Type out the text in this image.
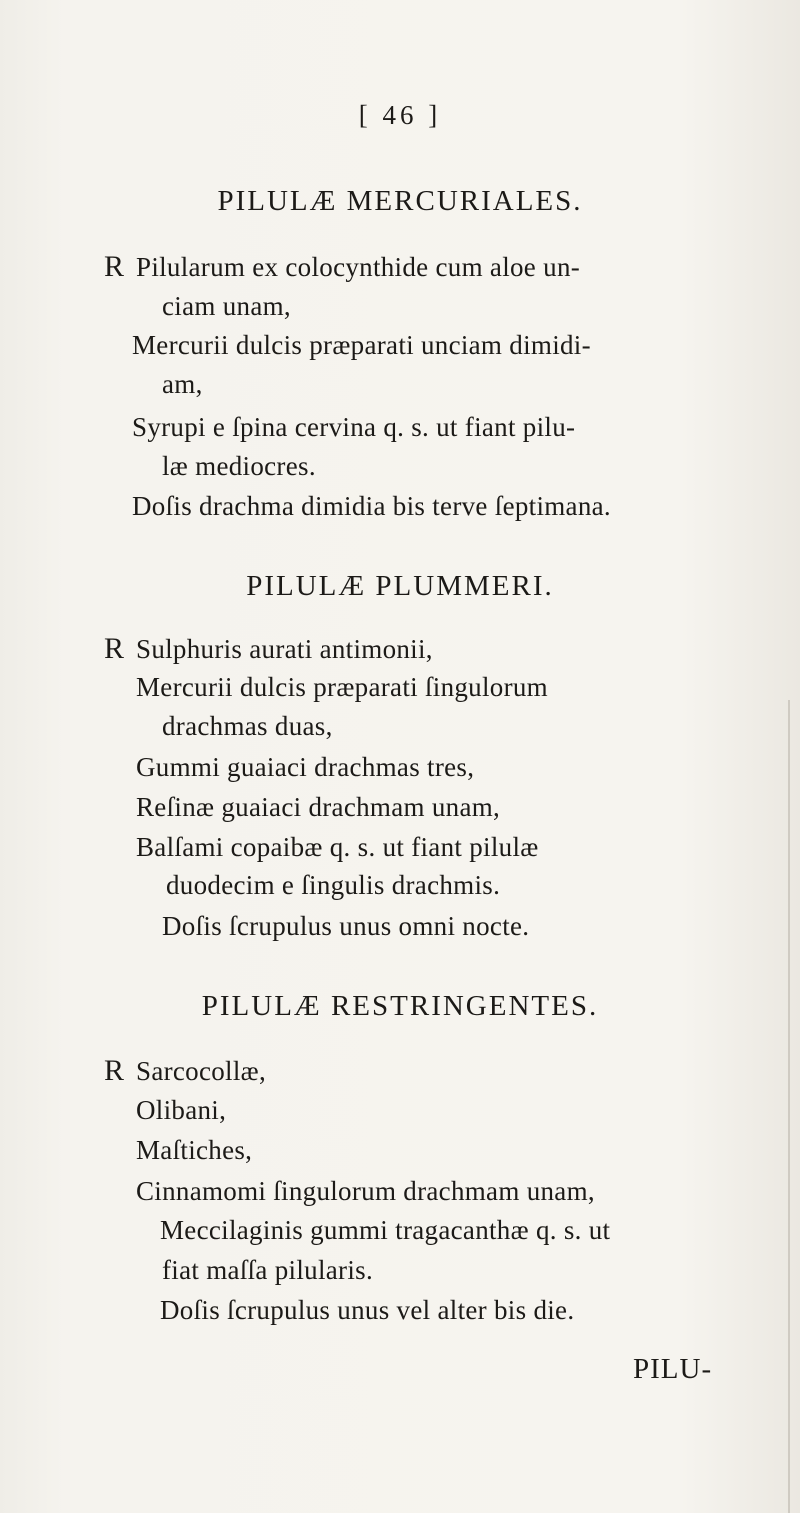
[ 46 ]
PILULÆ MERCURIALES.
R Pilularum ex colocynthide cum aloe un-
ciam unam,
Mercurii dulcis præparati unciam dimidi-
am,
Syrupi e ſpina cervina q. s. ut fiant pilu-
læ mediocres.
Doſis drachma dimidia bis terve ſeptimana.
PILULÆ PLUMMERI.
R Sulphuris aurati antimonii,
Mercurii dulcis præparati ſingulorum
drachmas duas,
Gummi guaiaci drachmas tres,
Reſinæ guaiaci drachmam unam,
Balſami copaibæ q. s. ut fiant pilulæ
duodecim e ſingulis drachmis.
Doſis ſcrupulus unus omni nocte.
PILULÆ RESTRINGENTES.
R Sarcocollæ,
Olibani,
Maſtiches,
Cinnamomi ſingulorum drachmam unam,
Meccilaginis gummi tragacanthæ q. s. ut
fiat maſſa pilularis.
Doſis ſcrupulus unus vel alter bis die.
PILU-
